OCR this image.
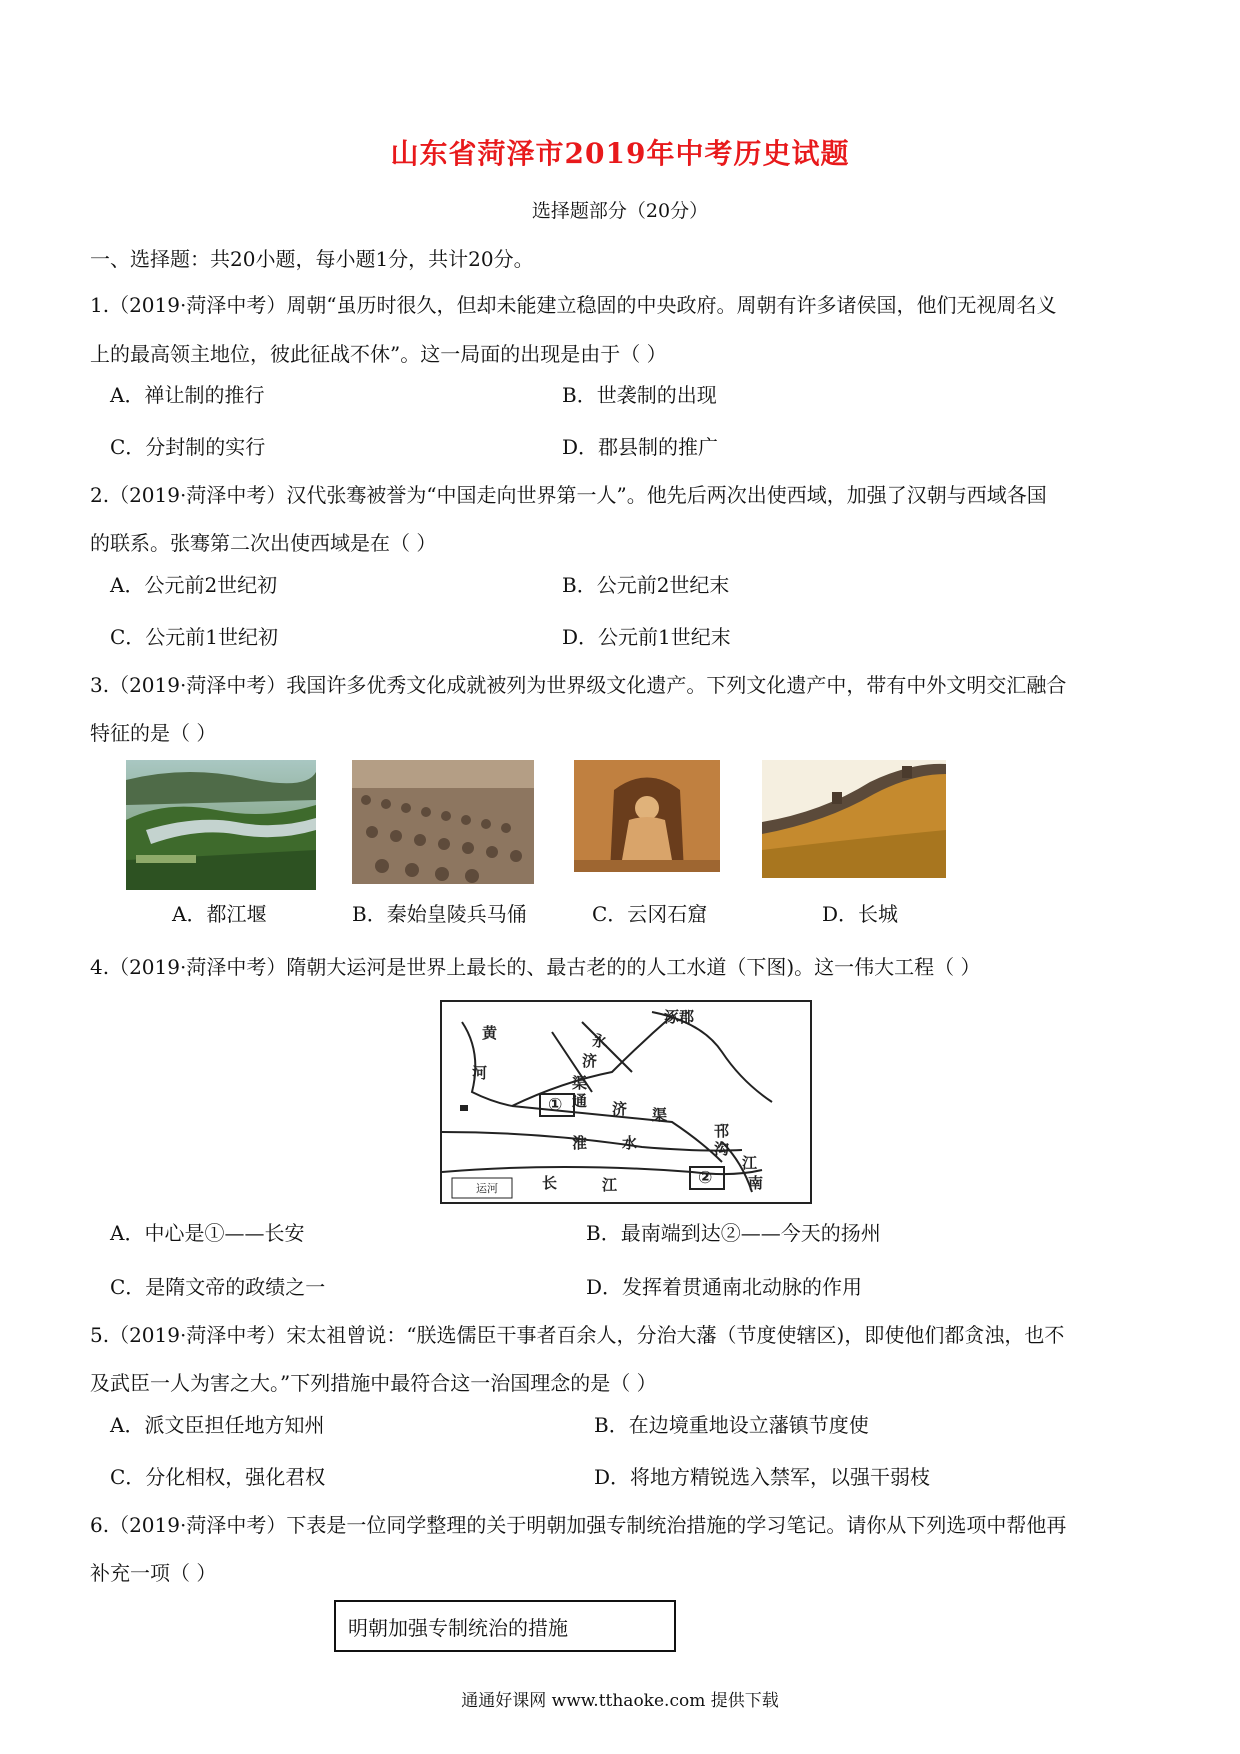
山东省菏泽市2019年中考历史试题
选择题部分（20分）
一、选择题：共20小题，每小题1分，共计20分。
1.（2019·菏泽中考）周朝“虽历时很久，但却未能建立稳固的中央政府。周朝有许多诸侯国，他们无视周名义
上的最高领主地位，彼此征战不休”。这一局面的出现是由于（ ）
A．禅让制的推行	B．世袭制的出现
C．分封制的实行	D．郡县制的推广
2.（2019·菏泽中考）汉代张骞被誉为“中国走向世界第一人”。他先后两次出使西域，加强了汉朝与西域各国
的联系。张骞第二次出使西域是在（ ）
A．公元前2世纪初	B．公元前2世纪末
C．公元前1世纪初	D．公元前1世纪末
3.（2019·菏泽中考）我国许多优秀文化成就被列为世界级文化遗产。下列文化遗产中，带有中外文明交汇融合
特征的是（ ）
A．都江堰	B．秦始皇陵兵马俑	C．云冈石窟	D．长城
4.（2019·菏泽中考）隋朝大运河是世界上最长的、最古老的的人工水道（下图)。这一伟大工程（ ）
涿郡
黄
河
永
济
渠
通 济 渠
淮 水
江
长
邗
沟
江
南
运河
①
②
A．中心是①——长安	B．最南端到达②——今天的扬州
C．是隋文帝的政绩之一	D．发挥着贯通南北动脉的作用
5.（2019·菏泽中考）宋太祖曾说：“朕选儒臣干事者百余人，分治大藩（节度使辖区)，即使他们都贪浊，也不
及武臣一人为害之大。”下列措施中最符合这一治国理念的是（ ）
A．派文臣担任地方知州	B．在边境重地设立藩镇节度使
C．分化相权，强化君权	D．将地方精锐选入禁军，以强干弱枝
6.（2019·菏泽中考）下表是一位同学整理的关于明朝加强专制统治措施的学习笔记。请你从下列选项中帮他再
补充一项（ ）
明朝加强专制统治的措施
通通好课网 www.tthaoke.com 提供下载
